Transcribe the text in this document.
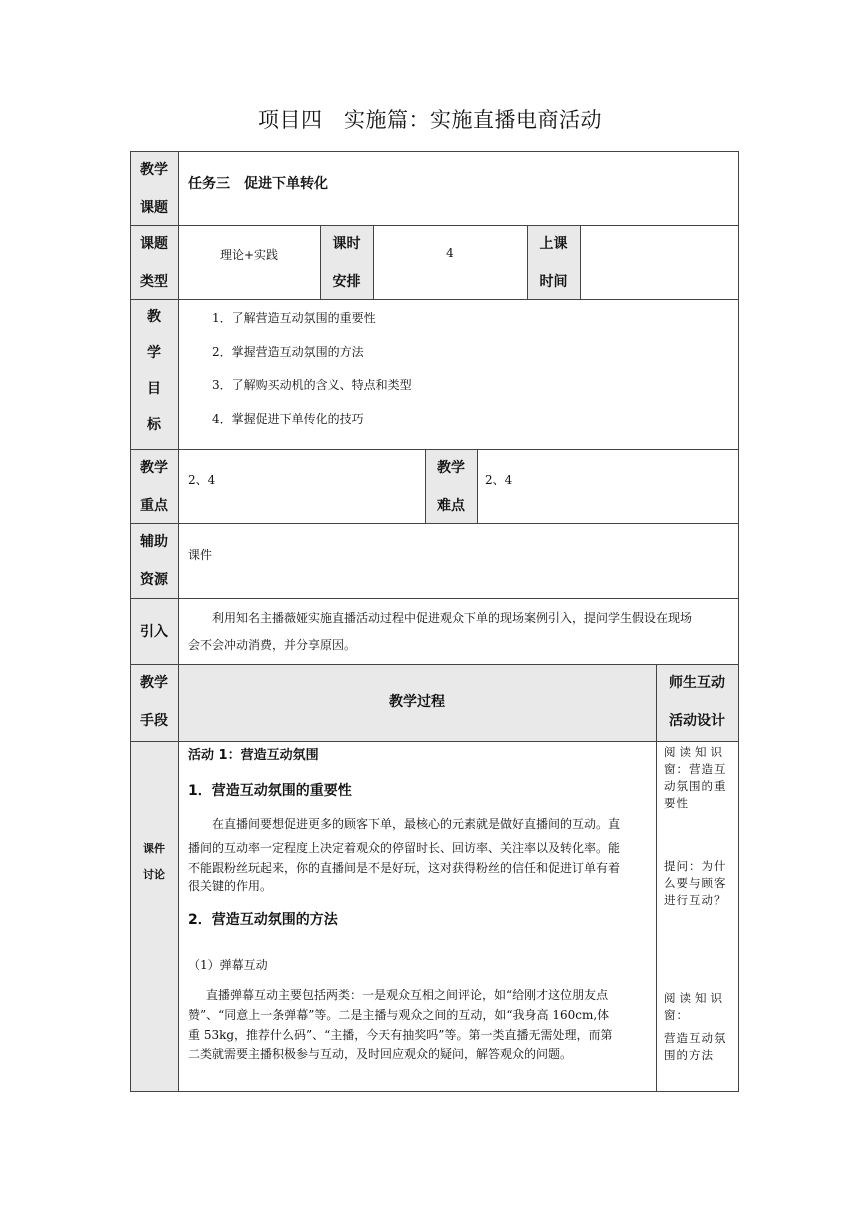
项目四　实施篇：实施直播电商活动
教学
课题
任务三　促进下单转化
课题
类型
理论+实践
课时
安排
4
上课
时间
教
学
目
标
1．了解营造互动氛围的重要性
2．掌握营造互动氛围的方法
3．了解购买动机的含义、特点和类型
4．掌握促进下单传化的技巧
教学
重点
2、4
教学
难点
2、4
辅助
资源
课件
引入
利用知名主播薇娅实施直播活动过程中促进观众下单的现场案例引入，提问学生假设在现场
会不会冲动消费，并分享原因。
教学
手段
教学过程
师生互动
活动设计
课件
讨论
活动 1：营造互动氛围
1．营造互动氛围的重要性
在直播间要想促进更多的顾客下单，最核心的元素就是做好直播间的互动。直
播间的互动率一定程度上决定着观众的停留时长、回访率、关注率以及转化率。能
不能跟粉丝玩起来，你的直播间是不是好玩，这对获得粉丝的信任和促进订单有着
很关键的作用。
2．营造互动氛围的方法
（1）弹幕互动
直播弹幕互动主要包括两类：一是观众互相之间评论，如“给刚才这位朋友点
赞”、“同意上一条弹幕”等。二是主播与观众之间的互动，如“我身高 160cm,体
重 53kg，推荐什么码”、“主播，今天有抽奖吗”等。第一类直播无需处理，而第
二类就需要主播积极参与互动，及时回应观众的疑问，解答观众的问题。
阅读知识
窗：营造互
动氛围的重
要性
提问：为什
么要与顾客
进行互动？
阅读知识
窗：
营造互动氛
围的方法
